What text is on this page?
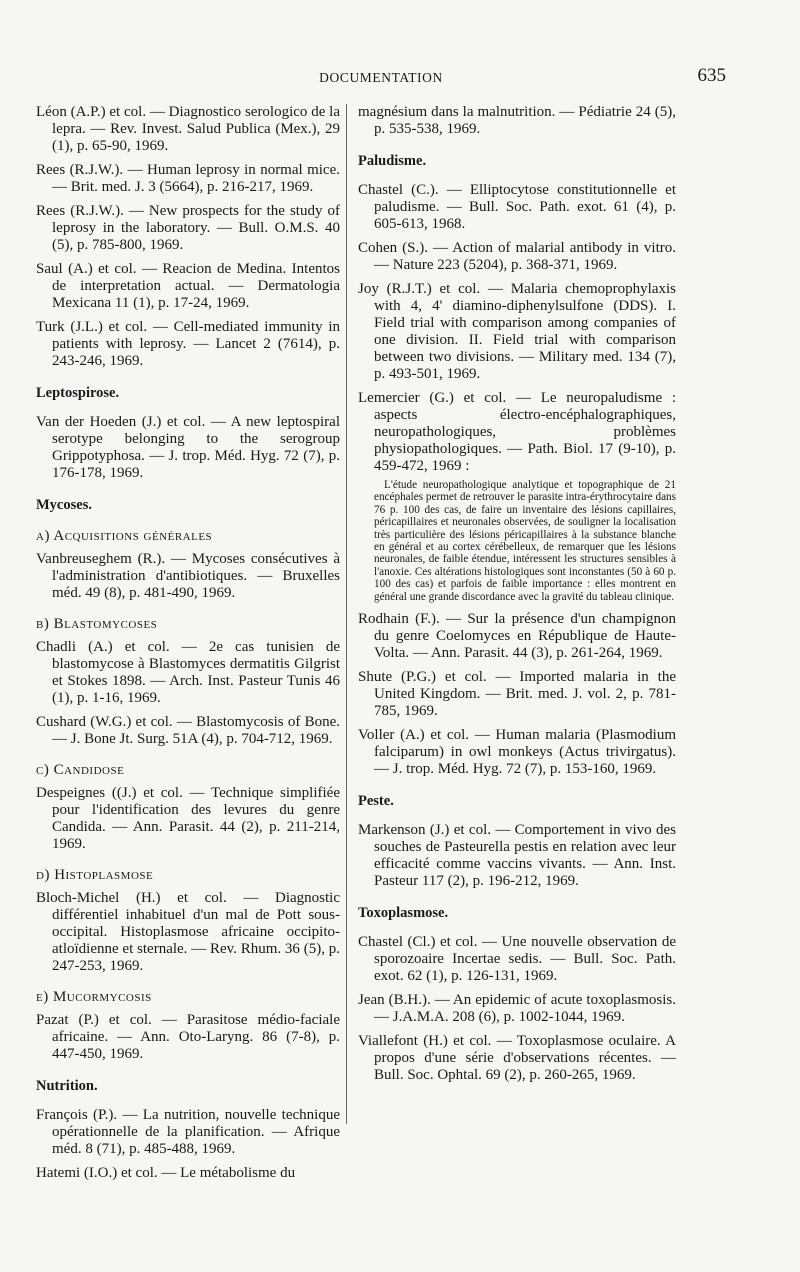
DOCUMENTATION	635

Léon (A.P.) et col. — Diagnostico serologico de la lepra. — Rev. Invest. Salud Publica (Mex.), 29 (1), p. 65-90, 1969.

Rees (R.J.W.). — Human leprosy in normal mice. — Brit. med. J. 3 (5664), p. 216-217, 1969.

Rees (R.J.W.). — New prospects for the study of leprosy in the laboratory. — Bull. O.M.S. 40 (5), p. 785-800, 1969.

Saul (A.) et col. — Reacion de Medina. Intentos de interpretation actual. — Dermatologia Mexicana 11 (1), p. 17-24, 1969.

Turk (J.L.) et col. — Cell-mediated immunity in patients with leprosy. — Lancet 2 (7614), p. 243-246, 1969.

Leptospirose.

Van der Hoeden (J.) et col. — A new leptospiral serotype belonging to the serogroup Grippotyphosa. — J. trop. Méd. Hyg. 72 (7), p. 176-178, 1969.

Mycoses.
a) Acquisitions générales

Vanbreuseghem (R.). — Mycoses consécutives à l'administration d'antibiotiques. — Bruxelles méd. 49 (8), p. 481-490, 1969.

b) Blastomycoses

Chadli (A.) et col. — 2e cas tunisien de blastomycose à Blastomyces dermatitis Gilgrist et Stokes 1898. — Arch. Inst. Pasteur Tunis 46 (1), p. 1-16, 1969.

Cushard (W.G.) et col. — Blastomycosis of Bone. — J. Bone Jt. Surg. 51A (4), p. 704-712, 1969.

c) Candidose

Despeignes ((J.) et col. — Technique simplifiée pour l'identification des levures du genre Candida. — Ann. Parasit. 44 (2), p. 211-214, 1969.

d) Histoplasmose

Bloch-Michel (H.) et col. — Diagnostic différentiel inhabituel d'un mal de Pott sous-occipital. Histoplasmose africaine occipito-atloïdienne et sternale. — Rev. Rhum. 36 (5), p. 247-253, 1969.

e) Mucormycosis

Pazat (P.) et col. — Parasitose médio-faciale africaine. — Ann. Oto-Laryng. 86 (7-8), p. 447-450, 1969.

Nutrition.

François (P.). — La nutrition, nouvelle technique opérationnelle de la planification. — Afrique méd. 8 (71), p. 485-488, 1969.

Hatemi (I.O.) et col. — Le métabolisme du

magnésium dans la malnutrition. — Pédiatrie 24 (5), p. 535-538, 1969.

Paludisme.

Chastel (C.). — Elliptocytose constitutionnelle et paludisme. — Bull. Soc. Path. exot. 61 (4), p. 605-613, 1968.

Cohen (S.). — Action of malarial antibody in vitro. — Nature 223 (5204), p. 368-371, 1969.

Joy (R.J.T.) et col. — Malaria chemoprophylaxis with 4, 4' diamino-diphenylsulfone (DDS). I. Field trial with comparison among companies of one division. II. Field trial with comparison between two divisions. — Military med. 134 (7), p. 493-501, 1969.

Lemercier (G.) et col. — Le neuropaludisme : aspects électro-encéphalographiques, neuropathologiques, problèmes physiopathologiques. — Path. Biol. 17 (9-10), p. 459-472, 1969 :

L'étude neuropathologique analytique et topographique de 21 encéphales permet de retrouver le parasite intra-érythrocytaire dans 76 p. 100 des cas, de faire un inventaire des lésions capillaires, péricapillaires et neuronales observées, de souligner la localisation très particulière des lésions péricapillaires à la substance blanche en général et au cortex cérébelleux, de remarquer que les lésions neuronales, de faible étendue, intéressent les structures sensibles à l'anoxie. Ces altérations histologiques sont inconstantes (50 à 60 p. 100 des cas) et parfois de faible importance : elles montrent en général une grande discordance avec la gravité du tableau clinique.

Rodhain (F.). — Sur la présence d'un champignon du genre Coelomyces en République de Haute-Volta. — Ann. Parasit. 44 (3), p. 261-264, 1969.

Shute (P.G.) et col. — Imported malaria in the United Kingdom. — Brit. med. J. vol. 2, p. 781-785, 1969.

Voller (A.) et col. — Human malaria (Plasmodium falciparum) in owl monkeys (Actus trivirgatus). — J. trop. Méd. Hyg. 72 (7), p. 153-160, 1969.

Peste.

Markenson (J.) et col. — Comportement in vivo des souches de Pasteurella pestis en relation avec leur efficacité comme vaccins vivants. — Ann. Inst. Pasteur 117 (2), p. 196-212, 1969.

Toxoplasmose.

Chastel (Cl.) et col. — Une nouvelle observation de sporozoaire Incertae sedis. — Bull. Soc. Path. exot. 62 (1), p. 126-131, 1969.

Jean (B.H.). — An epidemic of acute toxoplasmosis. — J.A.M.A. 208 (6), p. 1002-1044, 1969.

Viallefont (H.) et col. — Toxoplasmose oculaire. A propos d'une série d'observations récentes. — Bull. Soc. Ophtal. 69 (2), p. 260-265, 1969.
